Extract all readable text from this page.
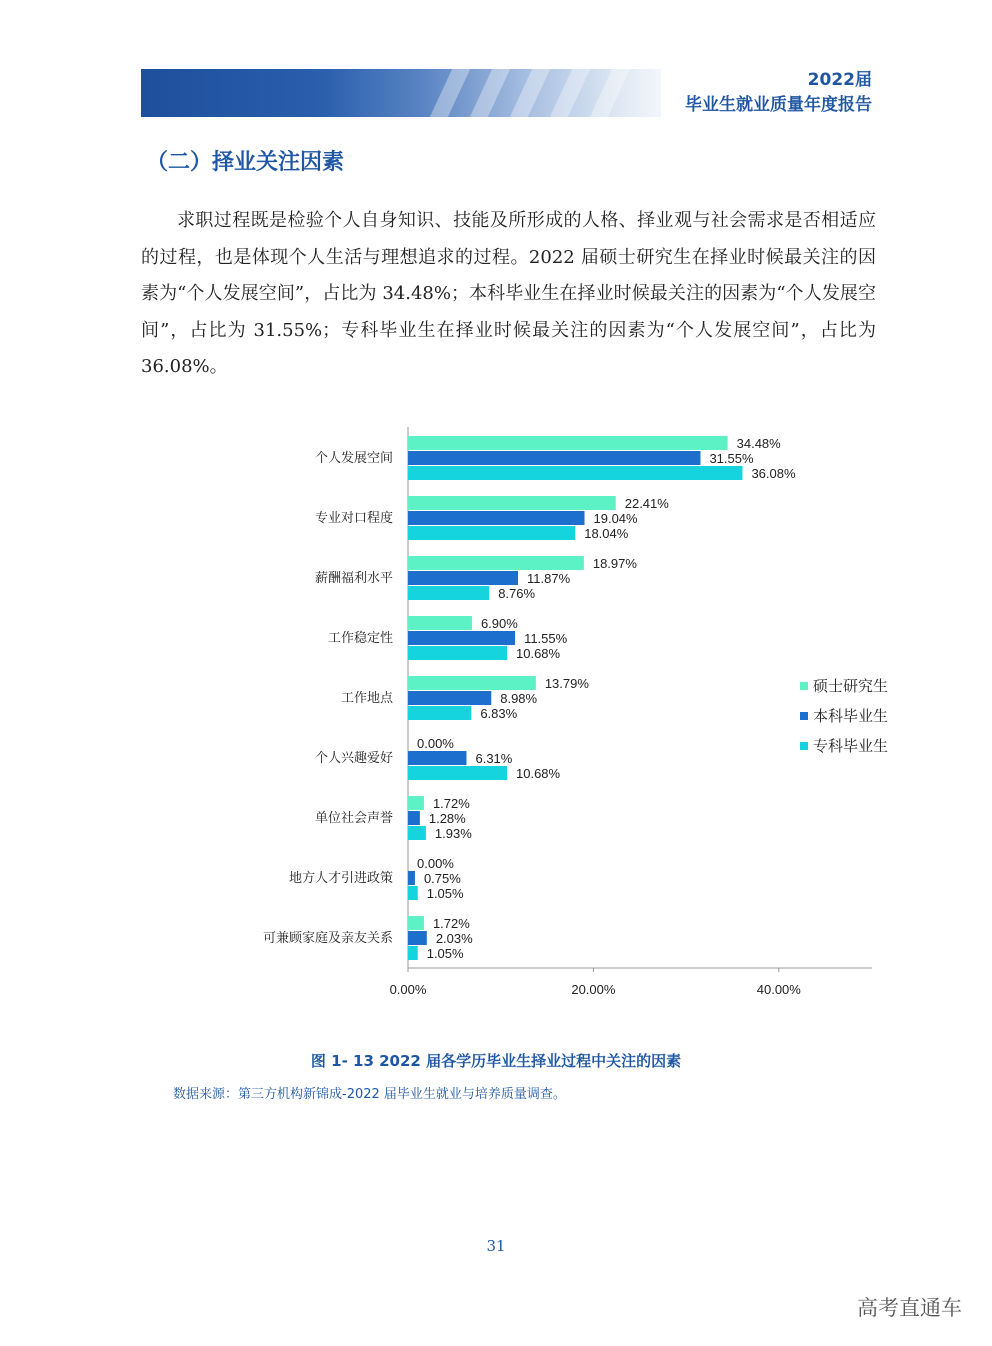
2022届
毕业生就业质量年度报告
（二）择业关注因素

求职过程既是检验个人自身知识、技能及所形成的人格、择业观与社会需求是否相适应的过程，也是体现个人生活与理想追求的过程。2022 届硕士研究生在择业时候最关注的因素为“个人发展空间”，占比为 34.48%；本科毕业生在择业时候最关注的因素为“个人发展空间”，占比为 31.55%；专科毕业生在择业时候最关注的因素为“个人发展空间”，占比为 36.08%。

0.00%	20.00%	40.00%
个人发展空间
34.48%
31.55%
36.08%
专业对口程度
22.41%
19.04%
18.04%
薪酬福利水平
18.97%
11.87%
8.76%
工作稳定性
6.90%
11.55%
10.68%
工作地点
13.79%
8.98%
6.83%
个人兴趣爱好
0.00%
6.31%
10.68%
单位社会声誉
1.72%
1.28%
1.93%
地方人才引进政策
0.00%
0.75%
1.05%
可兼顾家庭及亲友关系
1.72%
2.03%
1.05%
硕士研究生
本科毕业生
专科毕业生
图 1- 13 2022 届各学历毕业生择业过程中关注的因素
数据来源：第三方机构新锦成-2022 届毕业生就业与培养质量调查。
31
高考直通车
